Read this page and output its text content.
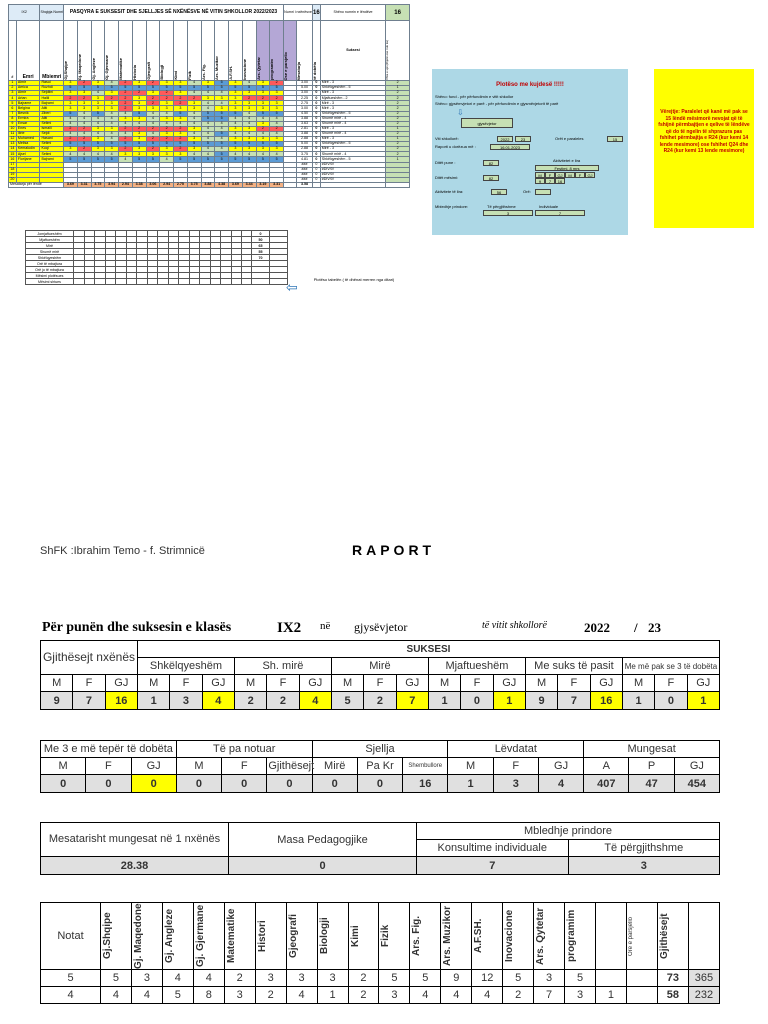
IX2		Shqipja Numri	PASQYRA E SUKSESIT DHE SJELLJES SË NXËNËSVE NË VITIN SHKOLLOR 2022/2023																Numri i nxënësve		16	Shëno numrin e lëndëve	16
#	Emri	Mbiemri	Gj.Shqipe	Gj. Maqedone	Gj. Angleze	Gj. Gjermane	Matematike	Historia	Gjeografi	Biologji	Kimi	Fizik	Ars. Fig.	Ars. Muzikor	A.F.SH.	Inovacione	Ars. Qytetar	programim	Ose e parsjello	Mesatarja	të dobëta	Suksesi	Pika e ujë (dhjetë ose nuk ka)

1	Almir	Rasul	3	2	3	4	2	3	2	3	3	4	3	5	3	4	3	2		3.00	0	Mirë - 3	2
2	Amica	Ruzhdi	5	5	5	5	5	5	5	5	5	5	5	5	5	5	5	5		5.00	0	Shkëlqyeshëm - 5	1
3	Almir	Sejdiini	3	3	4	3	2	2	3	2	3	4	4	4	3	3	3	3		3.00	0	Mirë - 3	2
4	Artan	Halili	2	2	3	2	2	3	2	2	2	2	3	3	3	2	2	2		2.25	0	Mjaftueshëm - 2	2
5	Bajrame	Bajrami	3	3	3	3	2	3	2	3	2	3	4	4	3	3	3	3		2.75	0	Mirë - 3	2
6	Belgina	Aliti	3	3	3	3	2	3	3	3	3	3	4	3	3	3	3	3		3.00	0	Mirë - 3	2
7	Besnik	Ziberi	5	4	5	4	4	5	4	4	5	4	5	5	5	4	5	5		4.50	0	Shkëlqyeshëm - 5	2
8	Ermira	Aliti	4	4	4	4	3	3	4	3	3	4	5	5	4	4	4	4		3.88	0	Shumë mirë - 4	2
9	Ensar	Selimi	4	4	4	4	4	4	4	4	4	4	4	4	4	4	3	4		3.63	0	Shumë mirë - 4	2
10	Enes	Ismaili	2	2	3	3	2	2	2	2	2	3	4	4	3	3	2	2		2.81	0	Mirë - 3	1
11	Ilirie	Sejdi	4	4	4	4	4	3	4	3	3	4	4	5	4	4	4	4		3.88	0	Shumë mirë - 4	2
12	Muhamed	Hasani	2	2	3	4	2	3	2	2	2	3	4	4	3	3	3	3		2.88	0	Mirë - 3	1
13	Melisa	Selimi	5	5	5	5	5	5	5	5	5	5	5	5	5	5	5	5		5.00	0	Shkëlqyeshëm - 5	2
14	Kemaludin	Kuqi	3	2	3	3	2	3	2	3	2	3	4	4	3	3	3	3		2.88	0	Mirë - 3	2
15	Ajsel	Selimi	4	4	4	4	3	3	3	3	3	4	4	5	4	4	4	4		3.75	0	Shumë mirë - 4	2
16	Florijane	Bajrami	5	5	5	5	4	5	5	4	5	5	5	5	5	5	5	5		4.81	0	Shkëlqyeshëm - 5	1
17																				###	0	#DIV/0!	
18																				###	0	#DIV/0!	
19																				###	0	#DIV/0!	
20																				###	0	#DIV/0!	
Mesatarja për lëndë			3.69	3.31	3.75	3.94	2.94	3.38	3.06	2.94	2.75	3.75	3.88	4.38	3.69	3.44	3.19	3.31		3.58			
Plotëso me kujdesë !!!!!
Shëno: fund - për përfundimin e vitit shkollor
Shëno: gjysëmvjetori e parë - për përfundimin e gjysmëvjetorit të parë
⇩
gjysëvjetor
Viti shkollorë:	2022	23	Orët e paraleles	15
Raporti u dorëzua më :	16.01.2023
Ditët pune :	82
Aktivitetet e lira
Festimi, 8 mrs
Ditët mësimi:	82
M	F	GJ	M	F	GJ
9	7	16
Aktivitete të lira:	56	Orë:
Mbledhje prindore:	Të përgjithshme	Individuale
3	7
Vërejtje: Paralelet që kanë më pak se 15 lëndë mësimorë nevojat që të fshijnë përmbajtjen e qelive të lëndëve që do të ngelin të shprazura pas fshihet përmbajtja e R24 (kur kemi 14 lende mesimore) ose fshihet Q24 dhe R24 (kur kemi 13 lende mesimore)
Jomjaftueshëm																		0	
Mjaftueshëm																		50	
Mirë																		65	
Shumë mirë																		55	
Shkëlqyeshëm																		70	
Orë të mbajtura																			
Orë jo të mbajtura																			
Mësimi plotësues																			
Mësimi shtues																				⇦	Plotëso tabelën ( të dhënat merren nga ditari)
ShFK :Ibrahim Temo - f. Strimnicë	RAPORT
Për punën dhe suksesin e klasës	IX2 në gjysëvjetor	të vitit shkollorë	2022 / 23
Gjithësejt nxënës			SUKSESI																	
			Shkëlqyeshëm			Sh. mirë			Mirë			Mjaftueshëm			Me suks të pasit			Me më pak se 3 të dobëta		
M	F	GJ	M	F	GJ	M	F	GJ	M	F	GJ	M	F	GJ	M	F	GJ	M	F	GJ
9	7	16	1	3	4	2	2	4	5	2	7	1	0	1	9	7	16	1	0	1
Me 3 e më tepër të dobëta			Të pa notuar			Sjellja			Lëvdatat			Mungesat		
M	F	GJ	M	F	Gjithësejt	Mirë	Pa Kr	Shembullore	M	F	GJ	A	P	GJ
0	0	0	0	0	0	0	0	16	1	3	4	407	47	454
Mesatarisht mungesat në 1 nxënës	Masa Pedagogjike	Mbledhje prindore	
		Konsultime individuale	Të përgjithshme
28.38	0	7	3
Notat	Gj.Shqipe	Gj. Maqedone	Gj. Angleze	Gj. Gjermane	Matematike	Histori	Gjeografi	Biologji	Kimi	Fizik	Ars. Fig.	Ars. Muzikor	A.F.SH.	Inovacione	Ars. Qytetar	programim		Ore e parsjello	Gjithësejt	

5	5	3	4	4	2	3	3	3	2	5	5	9	12	5	3	5			73	365
4	4	4	5	8	3	2	4	1	2	3	4	4	4	2	7	3	1		58	232
